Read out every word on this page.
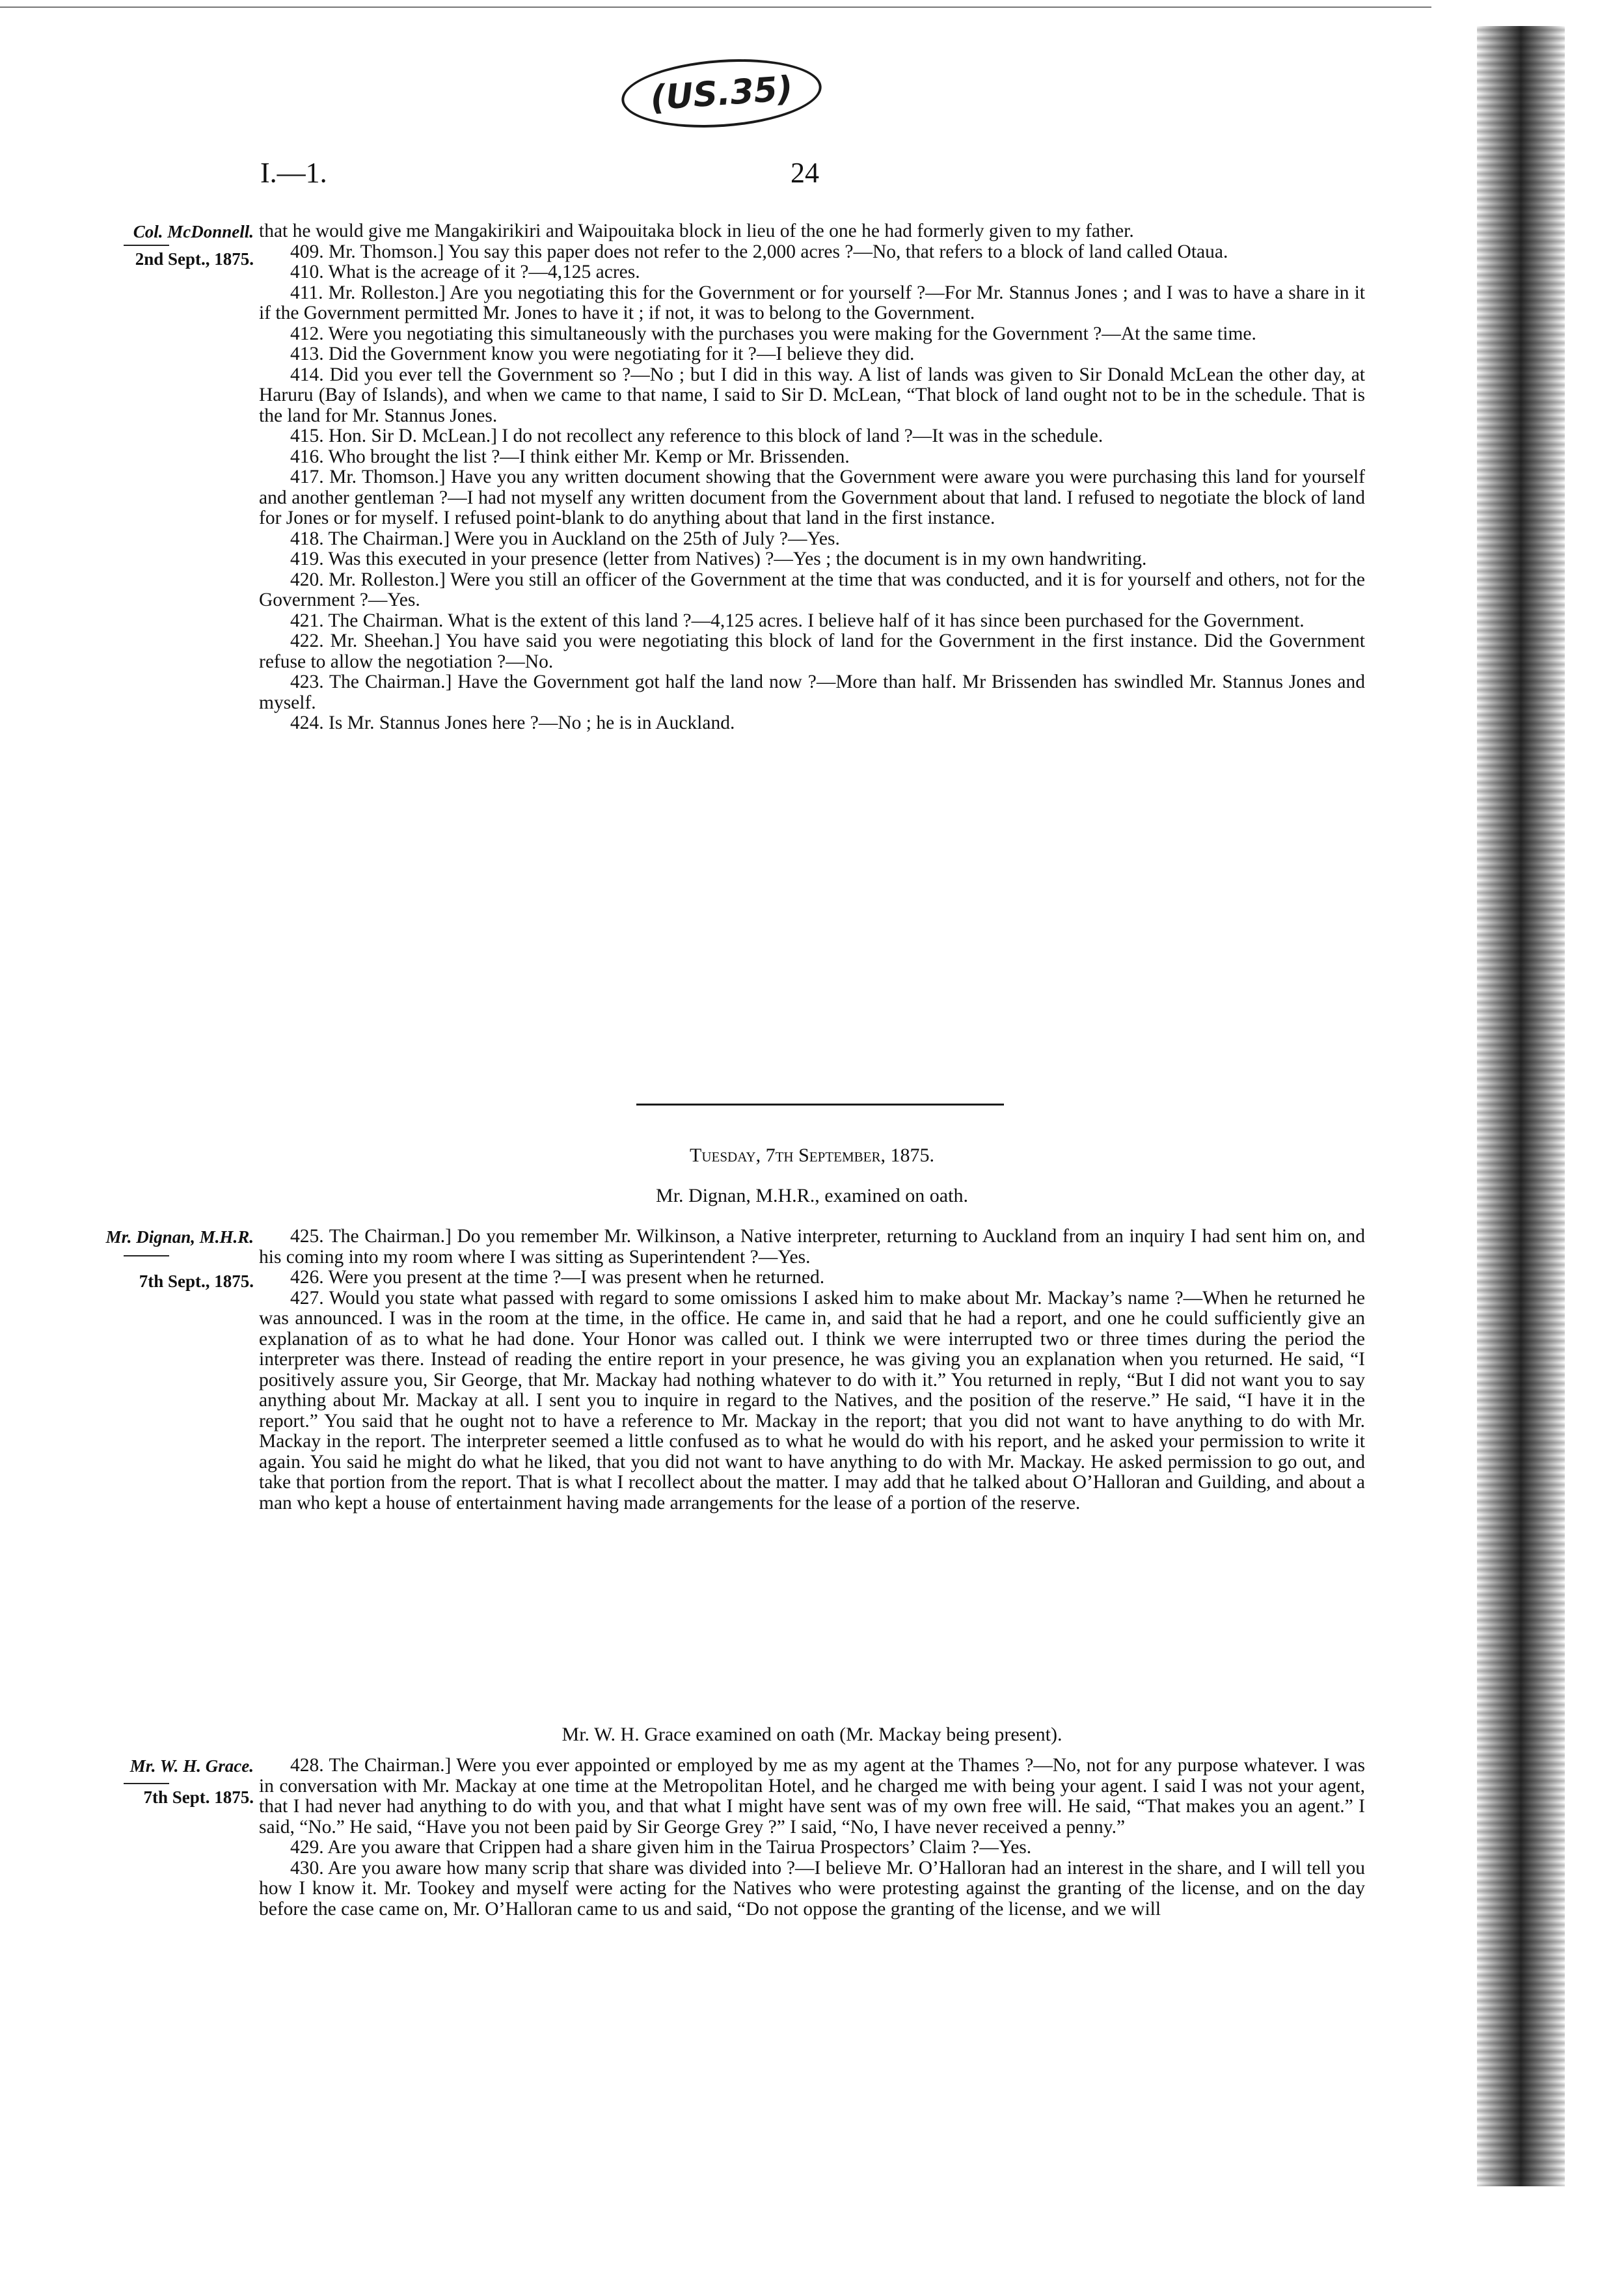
(US.35)
I.—1.	24
Col. McDonnell.
2nd Sept., 1875.
Mr. Dignan, M.H.R.
7th Sept., 1875.
Mr. W. H. Grace.
7th Sept. 1875.

that he would give me Mangakirikiri and Waipouitaka block in lieu of the one he had formerly given to my father.

409. Mr. Thomson.] You say this paper does not refer to the 2,000 acres ?—No, that refers to a block of land called Otaua.

410. What is the acreage of it ?—4,125 acres.

411. Mr. Rolleston.] Are you negotiating this for the Government or for yourself ?—For Mr. Stannus Jones ; and I was to have a share in it if the Government permitted Mr. Jones to have it ; if not, it was to belong to the Government.

412. Were you negotiating this simultaneously with the purchases you were making for the Government ?—At the same time.

413. Did the Government know you were negotiating for it ?—I believe they did.

414. Did you ever tell the Government so ?—No ; but I did in this way. A list of lands was given to Sir Donald McLean the other day, at Haruru (Bay of Islands), and when we came to that name, I said to Sir D. McLean, “That block of land ought not to be in the schedule. That is the land for Mr. Stannus Jones.

415. Hon. Sir D. McLean.] I do not recollect any reference to this block of land ?—It was in the schedule.

416. Who brought the list ?—I think either Mr. Kemp or Mr. Brissenden.

417. Mr. Thomson.] Have you any written document showing that the Government were aware you were purchasing this land for yourself and another gentleman ?—I had not myself any written document from the Government about that land. I refused to negotiate the block of land for Jones or for myself. I refused point-blank to do anything about that land in the first instance.

418. The Chairman.] Were you in Auckland on the 25th of July ?—Yes.

419. Was this executed in your presence (letter from Natives) ?—Yes ; the document is in my own handwriting.

420. Mr. Rolleston.] Were you still an officer of the Government at the time that was conducted, and it is for yourself and others, not for the Government ?—Yes.

421. The Chairman. What is the extent of this land ?—4,125 acres. I believe half of it has since been purchased for the Government.

422. Mr. Sheehan.] You have said you were negotiating this block of land for the Government in the first instance. Did the Government refuse to allow the negotiation ?—No.

423. The Chairman.] Have the Government got half the land now ?—More than half. Mr Brissenden has swindled Mr. Stannus Jones and myself.

424. Is Mr. Stannus Jones here ?—No ; he is in Auckland.

Tuesday, 7th September, 1875.
Mr. Dignan, M.H.R., examined on oath.

425. The Chairman.] Do you remember Mr. Wilkinson, a Native interpreter, returning to Auckland from an inquiry I had sent him on, and his coming into my room where I was sitting as Superintendent ?—Yes.

426. Were you present at the time ?—I was present when he returned.

427. Would you state what passed with regard to some omissions I asked him to make about Mr. Mackay’s name ?—When he returned he was announced. I was in the room at the time, in the office. He came in, and said that he had a report, and one he could sufficiently give an explanation of as to what he had done. Your Honor was called out. I think we were interrupted two or three times during the period the interpreter was there. Instead of reading the entire report in your presence, he was giving you an explanation when you returned. He said, “I positively assure you, Sir George, that Mr. Mackay had nothing whatever to do with it.” You returned in reply, “But I did not want you to say anything about Mr. Mackay at all. I sent you to inquire in regard to the Natives, and the position of the reserve.” He said, “I have it in the report.” You said that he ought not to have a reference to Mr. Mackay in the report; that you did not want to have anything to do with Mr. Mackay in the report. The interpreter seemed a little confused as to what he would do with his report, and he asked your permission to write it again. You said he might do what he liked, that you did not want to have anything to do with Mr. Mackay. He asked permission to go out, and take that portion from the report. That is what I recollect about the matter. I may add that he talked about O’Halloran and Guilding, and about a man who kept a house of entertainment having made arrangements for the lease of a portion of the reserve.

Mr. W. H. Grace examined on oath (Mr. Mackay being present).

428. The Chairman.] Were you ever appointed or employed by me as my agent at the Thames ?—No, not for any purpose whatever. I was in conversation with Mr. Mackay at one time at the Metropolitan Hotel, and he charged me with being your agent. I said I was not your agent, that I had never had anything to do with you, and that what I might have sent was of my own free will. He said, “That makes you an agent.” I said, “No.” He said, “Have you not been paid by Sir George Grey ?” I said, “No, I have never received a penny.”

429. Are you aware that Crippen had a share given him in the Tairua Prospectors’ Claim ?—Yes.

430. Are you aware how many scrip that share was divided into ?—I believe Mr. O’Halloran had an interest in the share, and I will tell you how I know it. Mr. Tookey and myself were acting for the Natives who were protesting against the granting of the license, and on the day before the case came on, Mr. O’Halloran came to us and said, “Do not oppose the granting of the license, and we will
